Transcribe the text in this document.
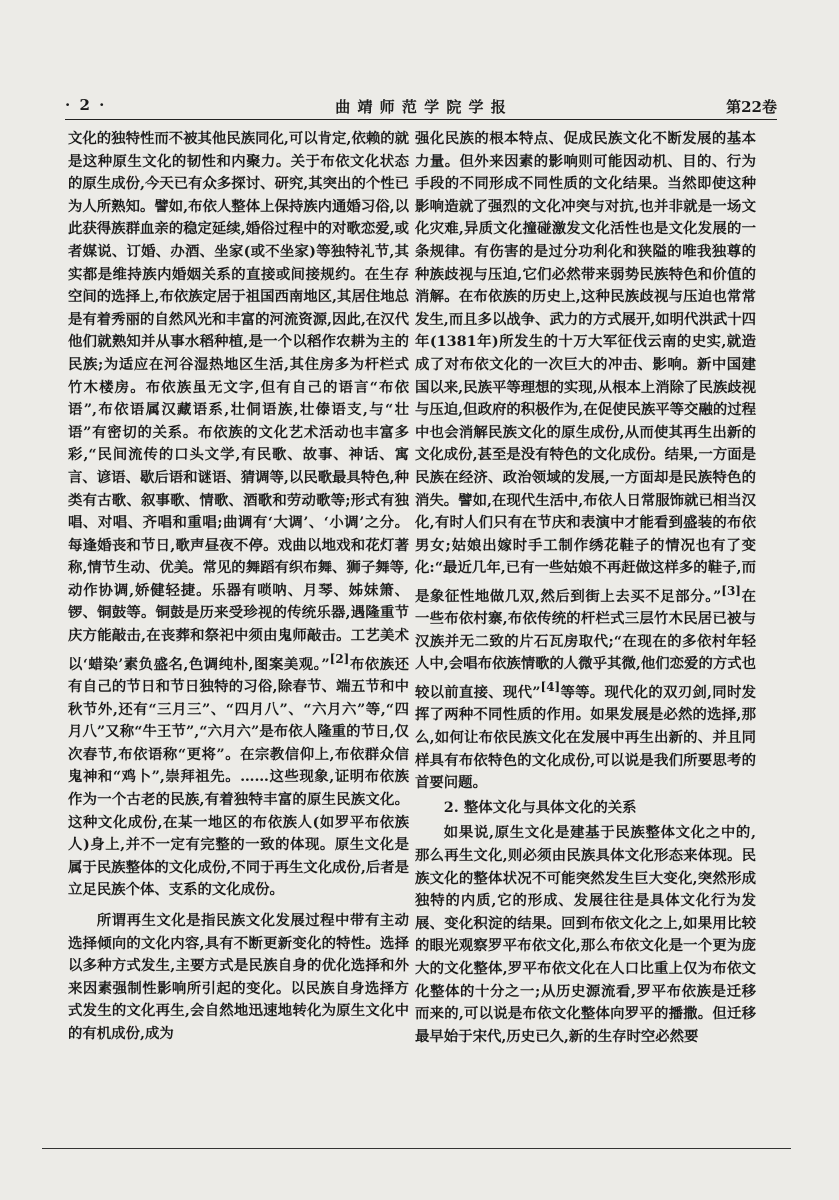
· 2 ·	曲 靖 师 范 学 院 学 报	第22卷

文化的独特性而不被其他民族同化,可以肯定,依赖的就是这种原生文化的韧性和内聚力。关于布依文化状态的原生成份,今天已有众多探讨、研究,其突出的个性已为人所熟知。譬如,布依人整体上保持族内通婚习俗,以此获得族群血亲的稳定延续,婚俗过程中的对歌恋爱,或者媒说、订婚、办酒、坐家(或不坐家)等独特礼节,其实都是维持族内婚姻关系的直接或间接规约。在生存空间的选择上,布依族定居于祖国西南地区,其居住地总是有着秀丽的自然风光和丰富的河流资源,因此,在汉代他们就熟知并从事水稻种植,是一个以稻作农耕为主的民族;为适应在河谷湿热地区生活,其住房多为杆栏式竹木楼房。布依族虽无文字,但有自己的语言“布依语”,布依语属汉藏语系,壮侗语族,壮傣语支,与“壮语”有密切的关系。布依族的文化艺术活动也丰富多彩,“民间流传的口头文学,有民歌、故事、神话、寓言、谚语、歇后语和谜语、猜调等,以民歌最具特色,种类有古歌、叙事歌、情歌、酒歌和劳动歌等;形式有独唱、对唱、齐唱和重唱;曲调有‘大调’、‘小调’之分。每逢婚丧和节日,歌声昼夜不停。戏曲以地戏和花灯著称,情节生动、优美。常见的舞蹈有织布舞、狮子舞等,动作协调,娇健轻捷。乐器有唢呐、月琴、姊妹箫、锣、铜鼓等。铜鼓是历来受珍视的传统乐器,遇隆重节庆方能敲击,在丧葬和祭祀中须由鬼师敲击。工艺美术以‘蜡染’素负盛名,色调纯朴,图案美观。”[2]布依族还有自己的节日和节日独特的习俗,除春节、端五节和中秋节外,还有“三月三”、“四月八”、“六月六”等,“四月八”又称“牛王节”,“六月六”是布依人隆重的节日,仅次春节,布依语称“更将”。在宗教信仰上,布依群众信鬼神和“鸡卜”,崇拜祖先。……这些现象,证明布依族作为一个古老的民族,有着独特丰富的原生民族文化。这种文化成份,在某一地区的布依族人(如罗平布依族人)身上,并不一定有完整的一致的体现。原生文化是属于民族整体的文化成份,不同于再生文化成份,后者是立足民族个体、支系的文化成份。

所谓再生文化是指民族文化发展过程中带有主动选择倾向的文化内容,具有不断更新变化的特性。选择以多种方式发生,主要方式是民族自身的优化选择和外来因素强制性影响所引起的变化。以民族自身选择方式发生的文化再生,会自然地迅速地转化为原生文化中的有机成份,成为

强化民族的根本特点、促成民族文化不断发展的基本力量。但外来因素的影响则可能因动机、目的、行为手段的不同形成不同性质的文化结果。当然即使这种影响造就了强烈的文化冲突与对抗,也并非就是一场文化灾难,异质文化撞碰激发文化活性也是文化发展的一条规律。有伤害的是过分功利化和狭隘的唯我独尊的种族歧视与压迫,它们必然带来弱势民族特色和价值的消解。在布依族的历史上,这种民族歧视与压迫也常常发生,而且多以战争、武力的方式展开,如明代洪武十四年(1381年)所发生的十万大军征伐云南的史实,就造成了对布依文化的一次巨大的冲击、影响。新中国建国以来,民族平等理想的实现,从根本上消除了民族歧视与压迫,但政府的积极作为,在促使民族平等交融的过程中也会消解民族文化的原生成份,从而使其再生出新的文化成份,甚至是没有特色的文化成份。结果,一方面是民族在经济、政治领域的发展,一方面却是民族特色的消失。譬如,在现代生活中,布依人日常服饰就已相当汉化,有时人们只有在节庆和表演中才能看到盛装的布依男女;姑娘出嫁时手工制作绣花鞋子的情况也有了变化:“最近几年,已有一些姑娘不再赶做这样多的鞋子,而是象征性地做几双,然后到街上去买不足部分。”[3]在一些布依村寨,布依传统的杆栏式三层竹木民居已被与汉族并无二致的片石瓦房取代;“在现在的多依村年轻人中,会唱布依族情歌的人微乎其微,他们恋爱的方式也较以前直接、现代”[4]等等。现代化的双刃剑,同时发挥了两种不同性质的作用。如果发展是必然的选择,那么,如何让布依民族文化在发展中再生出新的、并且同样具有布依特色的文化成份,可以说是我们所要思考的首要问题。

2. 整体文化与具体文化的关系

如果说,原生文化是建基于民族整体文化之中的,那么再生文化,则必须由民族具体文化形态来体现。民族文化的整体状况不可能突然发生巨大变化,突然形成独特的内质,它的形成、发展往往是具体文化行为发展、变化积淀的结果。回到布依文化之上,如果用比较的眼光观察罗平布依文化,那么布依文化是一个更为庞大的文化整体,罗平布依文化在人口比重上仅为布依文化整体的十分之一;从历史源流看,罗平布依族是迁移而来的,可以说是布依文化整体向罗平的播撒。但迁移最早始于宋代,历史已久,新的生存时空必然要
